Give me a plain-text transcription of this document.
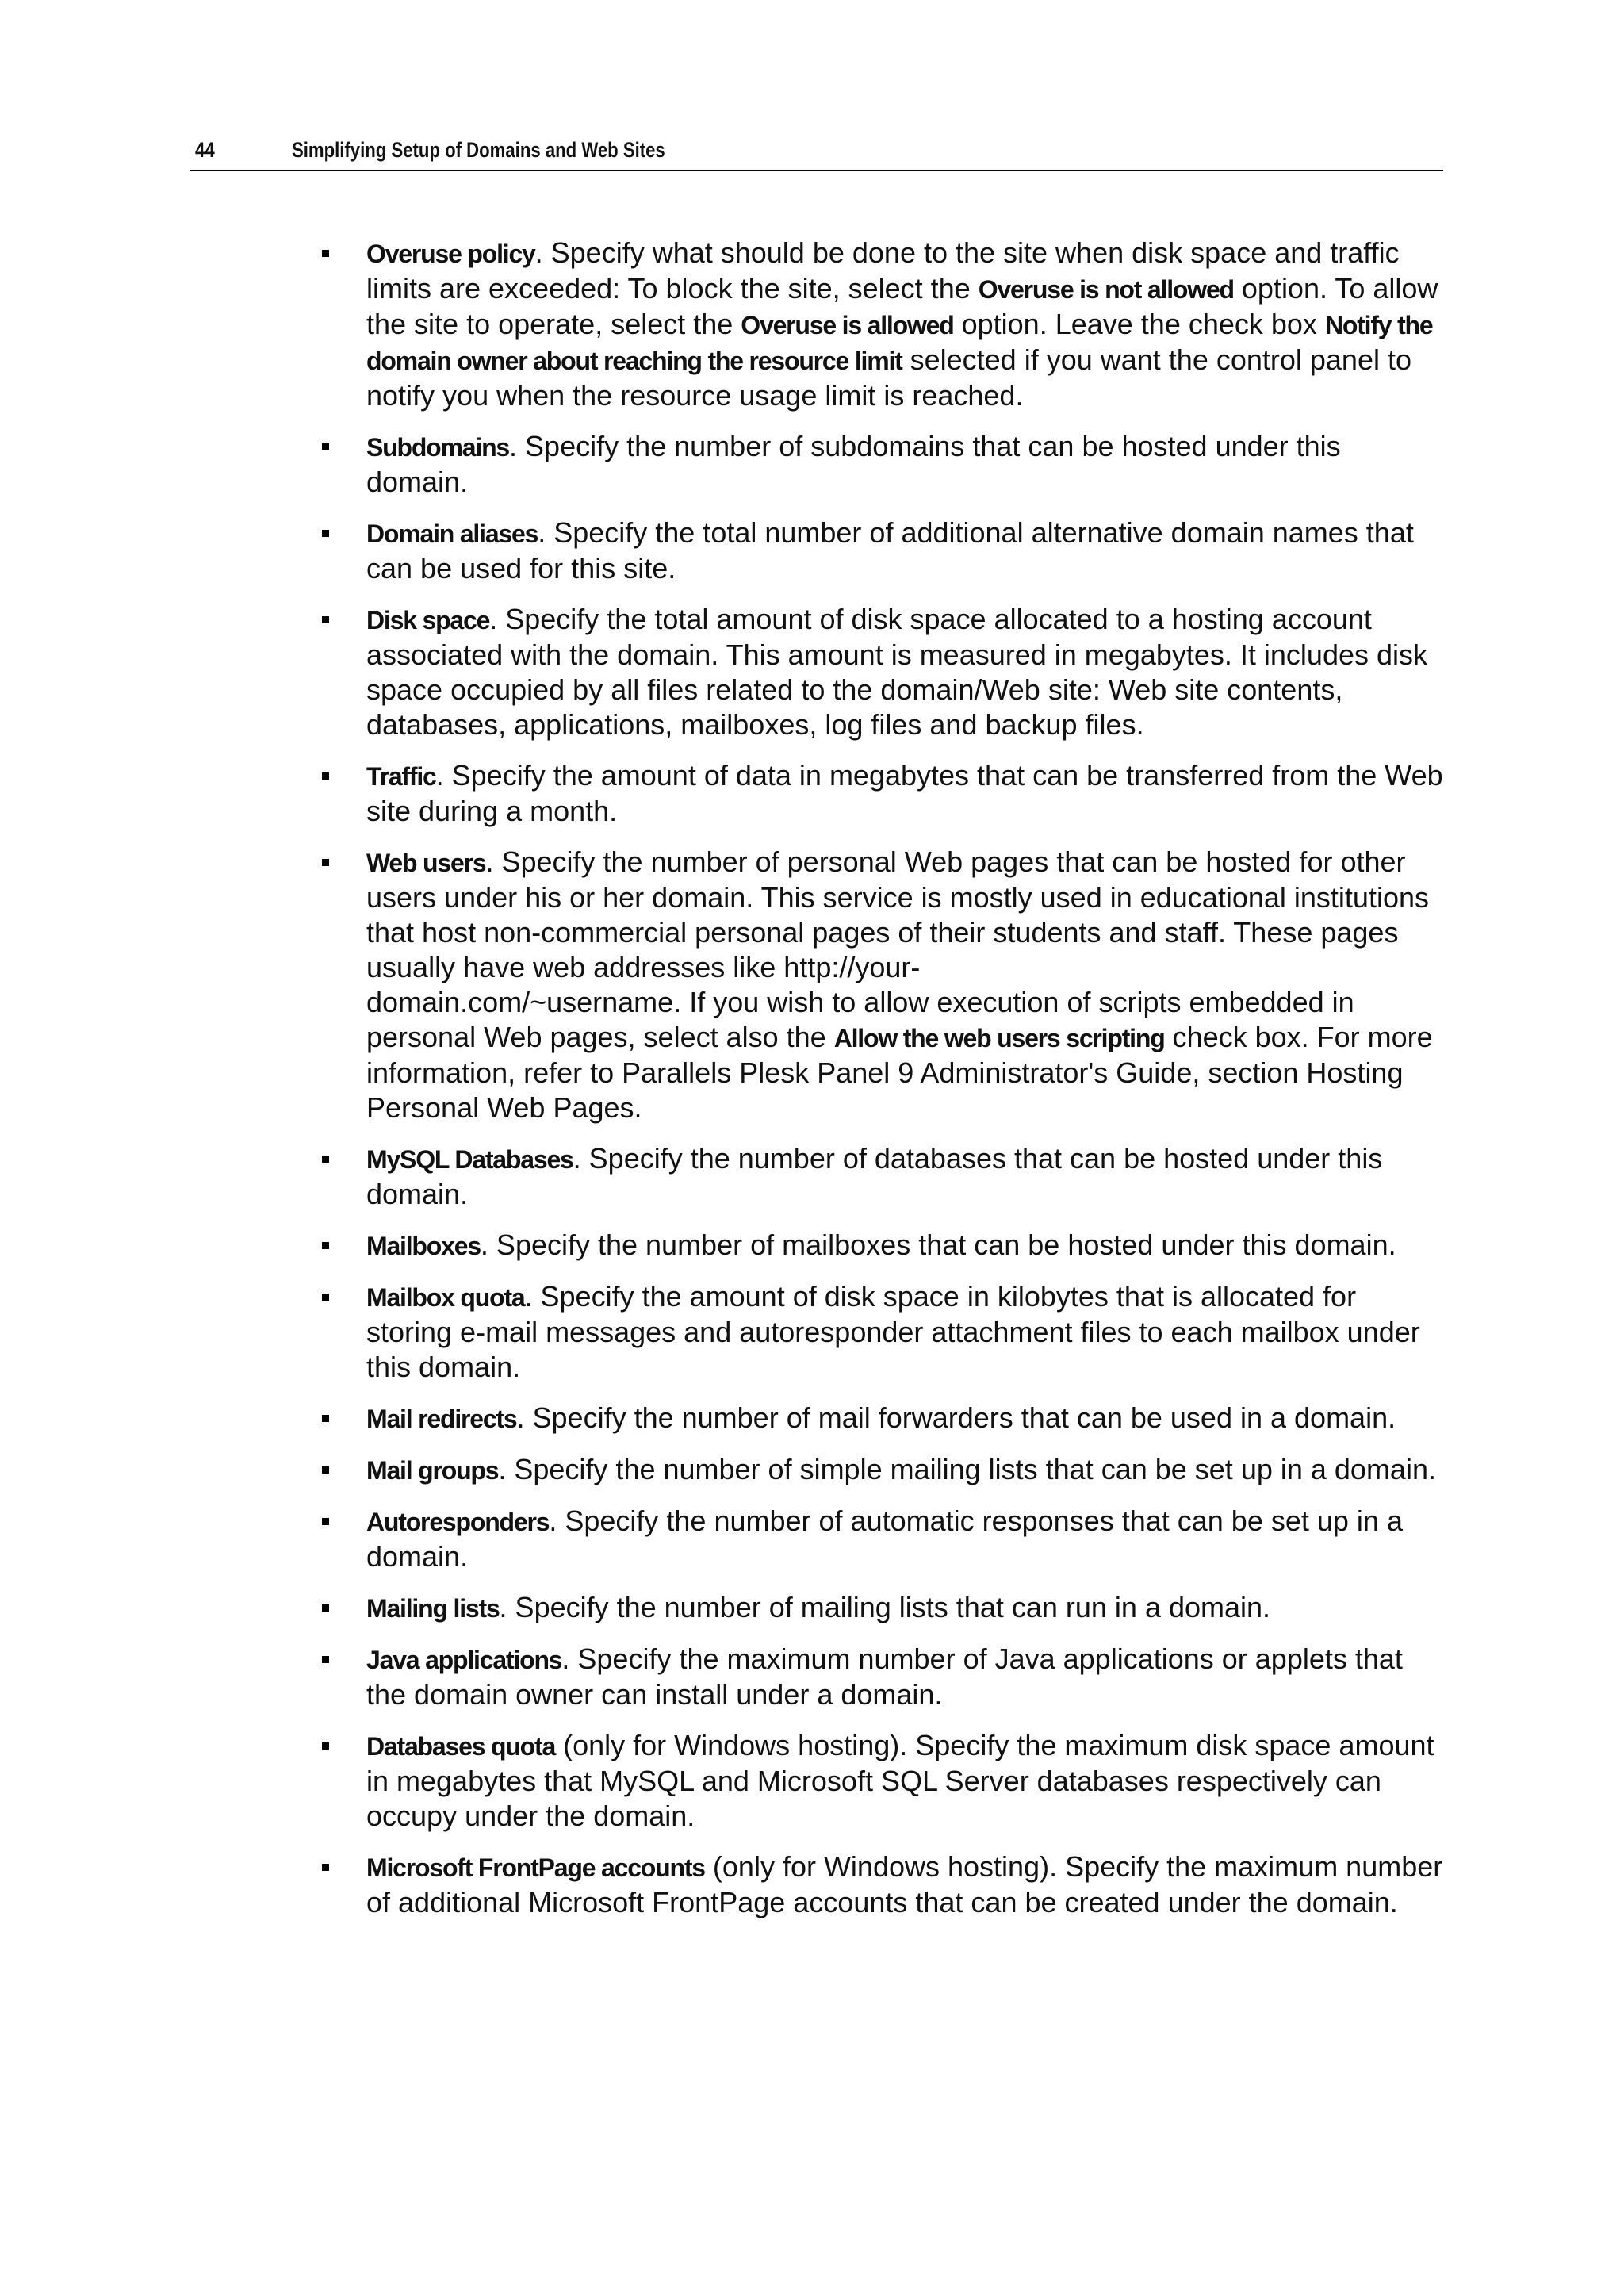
44	Simplifying Setup of Domains and Web Sites
Overuse policy. Specify what should be done to the site when disk space and traffic limits are exceeded: To block the site, select the Overuse is not allowed option. To allow the site to operate, select the Overuse is allowed option. Leave the check box Notify the domain owner about reaching the resource limit selected if you want the control panel to notify you when the resource usage limit is reached.
Subdomains. Specify the number of subdomains that can be hosted under this domain.
Domain aliases. Specify the total number of additional alternative domain names that can be used for this site.
Disk space. Specify the total amount of disk space allocated to a hosting account associated with the domain. This amount is measured in megabytes. It includes disk space occupied by all files related to the domain/Web site: Web site contents, databases, applications, mailboxes, log files and backup files.
Traffic. Specify the amount of data in megabytes that can be transferred from the Web site during a month.
Web users. Specify the number of personal Web pages that can be hosted for other users under his or her domain. This service is mostly used in educational institutions that host non-commercial personal pages of their students and staff. These pages usually have web addresses like http://your-
domain.com/~username. If you wish to allow execution of scripts embedded in personal Web pages, select also the Allow the web users scripting check box. For more information, refer to Parallels Plesk Panel 9 Administrator's Guide, section Hosting Personal Web Pages.
MySQL Databases. Specify the number of databases that can be hosted under this domain.
Mailboxes. Specify the number of mailboxes that can be hosted under this domain.
Mailbox quota. Specify the amount of disk space in kilobytes that is allocated for storing e-mail messages and autoresponder attachment files to each mailbox under this domain.
Mail redirects. Specify the number of mail forwarders that can be used in a domain.
Mail groups. Specify the number of simple mailing lists that can be set up in a domain.
Autoresponders. Specify the number of automatic responses that can be set up in a domain.
Mailing lists. Specify the number of mailing lists that can run in a domain.
Java applications. Specify the maximum number of Java applications or applets that the domain owner can install under a domain.
Databases quota (only for Windows hosting). Specify the maximum disk space amount in megabytes that MySQL and Microsoft SQL Server databases respectively can occupy under the domain.
Microsoft FrontPage accounts (only for Windows hosting). Specify the maximum number of additional Microsoft FrontPage accounts that can be created under the domain.
